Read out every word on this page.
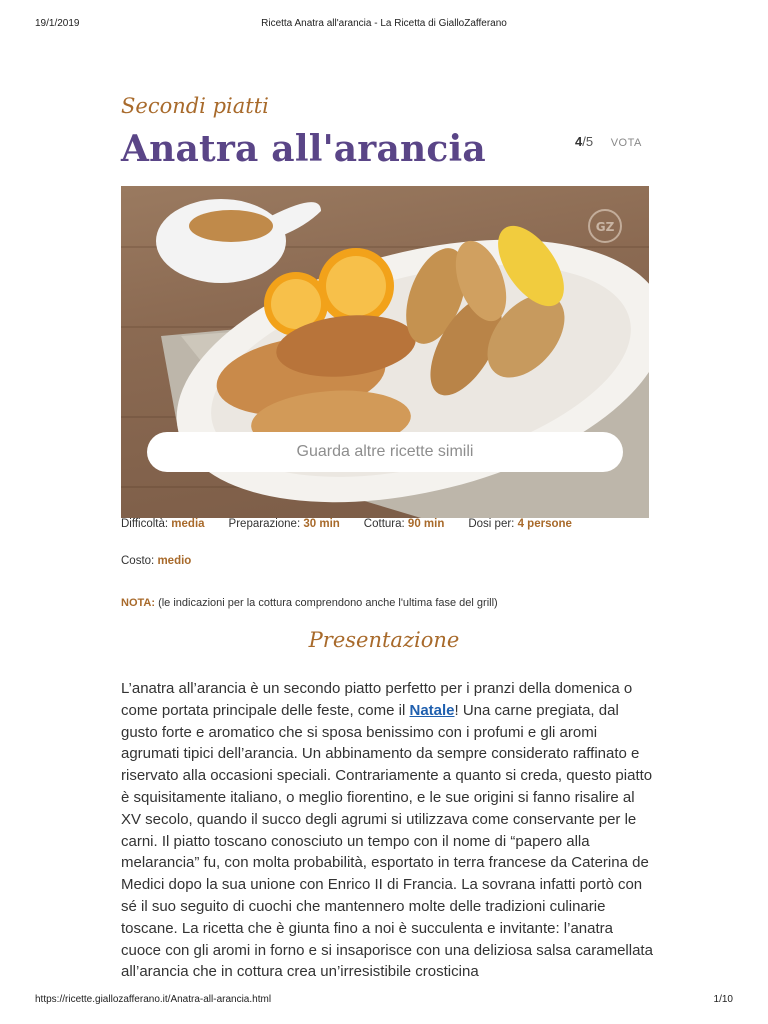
19/1/2019	Ricetta Anatra all'arancia - La Ricetta di GialloZafferano
Secondi piatti
Anatra all'arancia	4/5 VOTA
GZ
Guarda altre ricette simili
Difficoltà: media Preparazione: 30 min Cottura: 90 min Dosi per: 4 persone
Costo: medio
NOTA: (le indicazioni per la cottura comprendono anche l'ultima fase del grill)
Presentazione

L’anatra all’arancia è un secondo piatto perfetto per i pranzi della domenica o come portata principale delle feste, come il Natale! Una carne pregiata, dal gusto forte e aromatico che si sposa benissimo con i profumi e gli aromi agrumati tipici dell’arancia. Un abbinamento da sempre considerato raffinato e riservato alla occasioni speciali. Contrariamente a quanto si creda, questo piatto è squisitamente italiano, o meglio fiorentino, e le sue origini si fanno risalire al XV secolo, quando il succo degli agrumi si utilizzava come conservante per le carni. Il piatto toscano conosciuto un tempo con il nome di “papero alla melarancia” fu, con molta probabilità, esportato in terra francese da Caterina de Medici dopo la sua unione con Enrico II di Francia. La sovrana infatti portò con sé il suo seguito di cuochi che mantennero molte delle tradizioni culinarie toscane. La ricetta che è giunta fino a noi è succulenta e invitante: l’anatra cuoce con gli aromi in forno e si insaporisce con una deliziosa salsa caramellata all’arancia che in cottura crea un’irresistibile crosticina

https://ricette.giallozafferano.it/Anatra-all-arancia.html	1/10
